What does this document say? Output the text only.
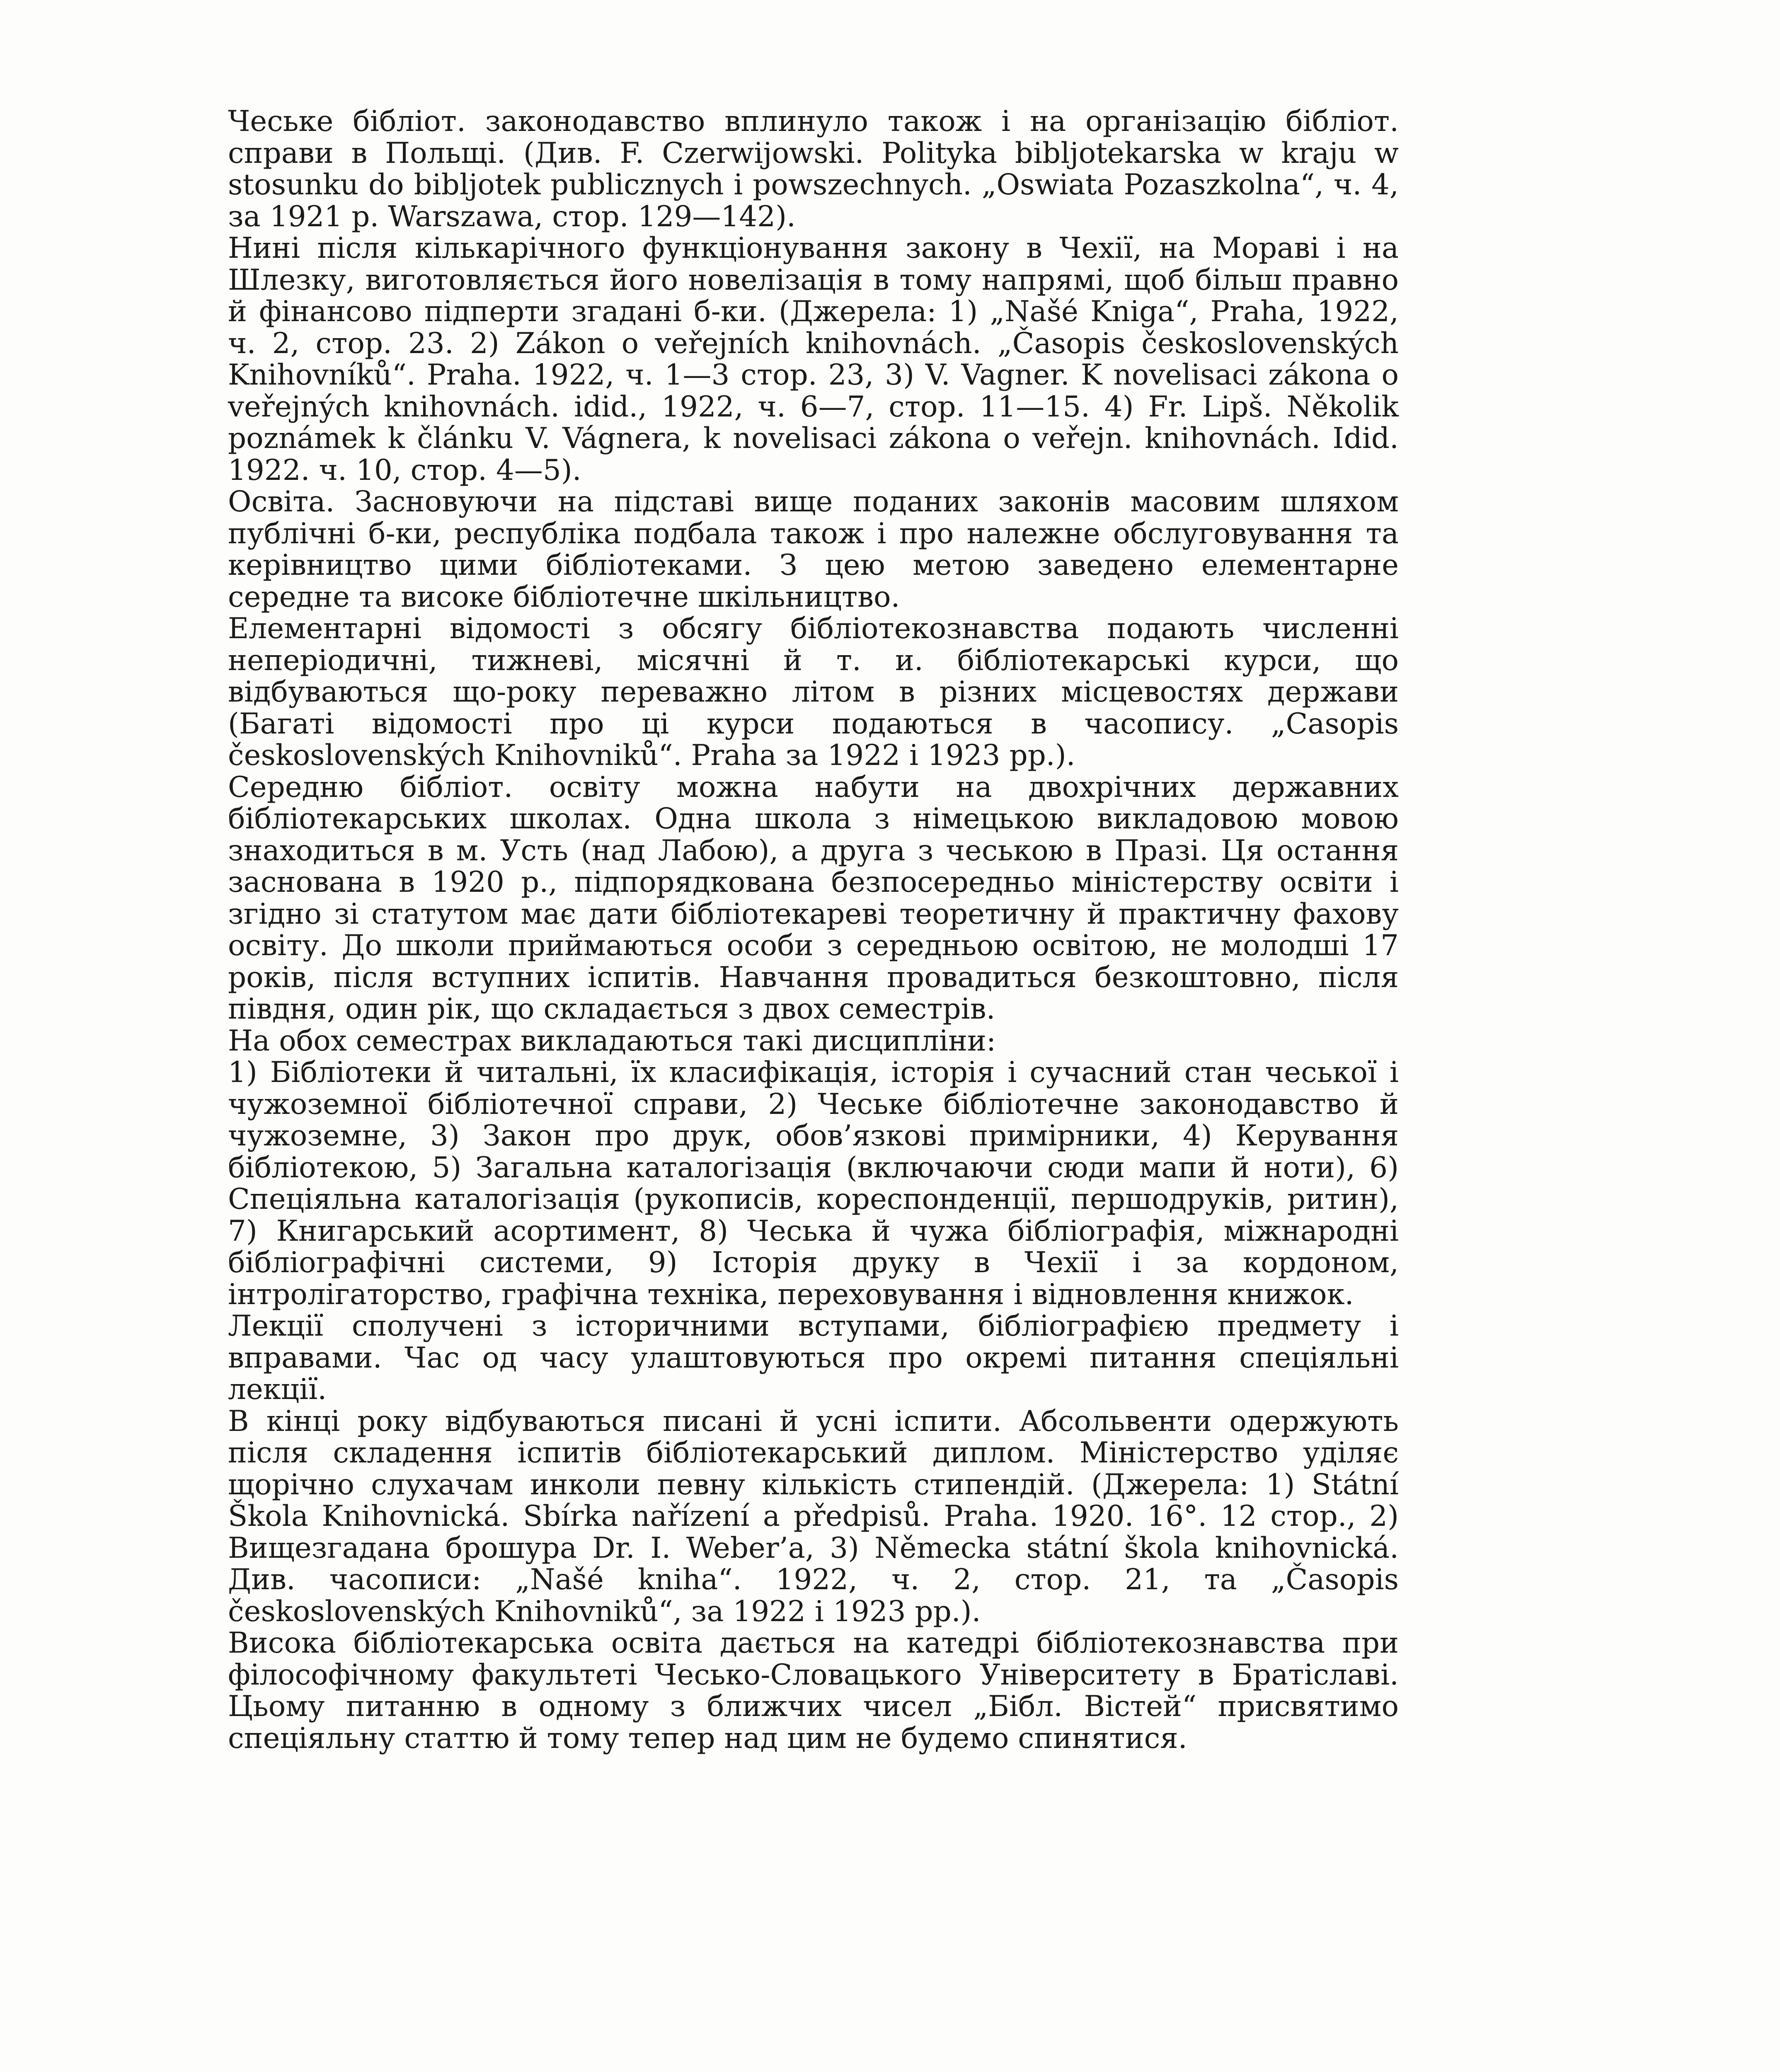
Чеське бібліот. законодавство вплинуло також і на організацію бібліот. справи в Польщі. (Див. F. Czerwijowski. Polityka bibljotekarska w kraju w stosunku do bibljotek publicznych i powszechnych. „Oswiata Pozaszkolna“, ч. 4, за 1921 р. Warszawa, стор. 129—142).

Нині після кількарічного функціонування закону в Чехії, на Мораві і на Шлезку, виготовляється його новелізація в тому напрямі, щоб більш правно й фінансово підперти згадані б-ки. (Джерела: 1) „Našé Kniga“, Praha, 1922, ч. 2, стор. 23. 2) Zákon o veřejních knihovnách. „Časopis československých Knihovníků“. Praha. 1922, ч. 1—3 стор. 23, 3) V. Vagner. K novelisaci zákona o veřejných knihovnách. idid., 1922, ч. 6—7, стор. 11—15. 4) Fr. Lipš. Několik poznámek k článku V. Vágnera, k novelisaci zákona o veřejn. knihovnách. Idid. 1922. ч. 10, стор. 4—5).

Освіта. Засновуючи на підставі вище поданих законів масовим шляхом публічні б-ки, республіка подбала також і про належне обслуговування та керівництво цими бібліотеками. З цею метою заведено елементарне середне та високе бібліотечне шкільництво.

Елементарні відомості з обсягу бібліотекознавства подають численні неперіодичні, тижневі, місячні й т. и. бібліотекарські курси, що відбуваються що-року переважно літом в різних місцевостях держави (Багаті відомості про ці курси подаються в часопису. „Casopis československých Knihovniků“. Praha за 1922 і 1923 рр.).

Середню бібліот. освіту можна набути на двохрічних державних бібліотекарських школах. Одна школа з німецькою викладовою мовою знаходиться в м. Усть (над Лабою), а друга з чеською в Празі. Ця остання заснована в 1920 р., підпорядкована безпосередньо міністерству освіти і згідно зі статутом має дати бібліотекареві теоретичну й практичну фахову освіту. До школи приймаються особи з середньою освітою, не молодші 17 років, після вступних іспитів. Навчання провадиться безкоштовно, після півдня, один рік, що складається з двох семестрів.

На обох семестрах викладаються такі дисципліни:

1) Бібліотеки й читальні, їх класифікація, історія і сучасний стан чеської і чужоземної бібліотечної справи, 2) Чеське бібліотечне законодавство й чужоземне, 3) Закон про друк, обов’язкові примірники, 4) Керування бібліотекою, 5) Загальна каталогізація (включаючи сюди мапи й ноти), 6) Спеціяльна каталогізація (рукописів, кореспонденції, першодруків, ритин), 7) Книгарський асортимент, 8) Чеська й чужа бібліографія, міжнародні бібліографічні системи, 9) Історія друку в Чехії і за кордоном, інтролігаторство, графічна техніка, переховування і відновлення книжок.

Лекції сполучені з історичними вступами, бібліографією предмету і вправами. Час од часу улаштовуються про окремі питання спеціяльні лекції.

В кінці року відбуваються писані й усні іспити. Абсольвенти одержують після складення іспитів бібліотекарський диплом. Міністерство уділяє щорічно слухачам инколи певну кількість стипендій. (Джерела: 1) Státní Škola Knihovnická. Sbírka nařízení a předpisů. Praha. 1920. 16°. 12 стор., 2) Вищезгадана брошура Dr. I. Weber’a, 3) Německa státní škola knihovnická. Див. часописи: „Našé kniha“. 1922, ч. 2, стор. 21, та „Časopis československých Knihovniků“, за 1922 і 1923 рр.).

Висока бібліотекарська освіта дається на катедрі бібліотекознавства при філософічному факультеті Чесько-Словацького Університету в Братіславі. Цьому питанню в одному з ближчих чисел „Бібл. Вістей“ присвятимо спеціяльну статтю й тому тепер над цим не будемо спинятися.
